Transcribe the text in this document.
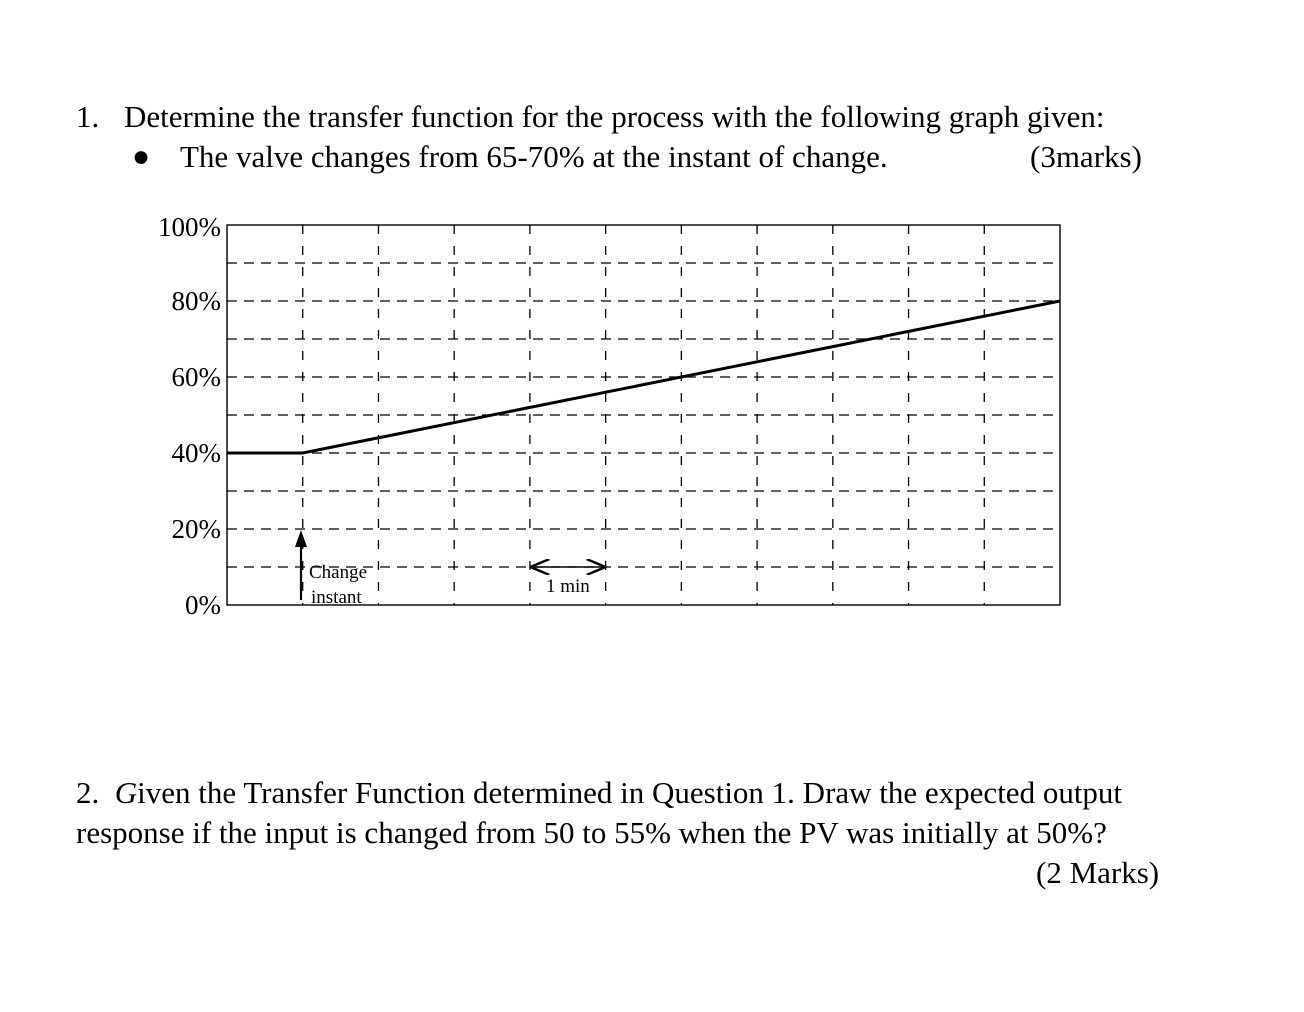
1. Determine the transfer function for the process with the following graph given:
● The valve changes from 65-70% at the instant of change.	(3marks)
100%
80%
60%
40%
20%
0%
Change
instant
1 min
2. Given the Transfer Function determined in Question 1. Draw the expected output
response if the input is changed from 50 to 55% when the PV was initially at 50%?
(2 Marks)
